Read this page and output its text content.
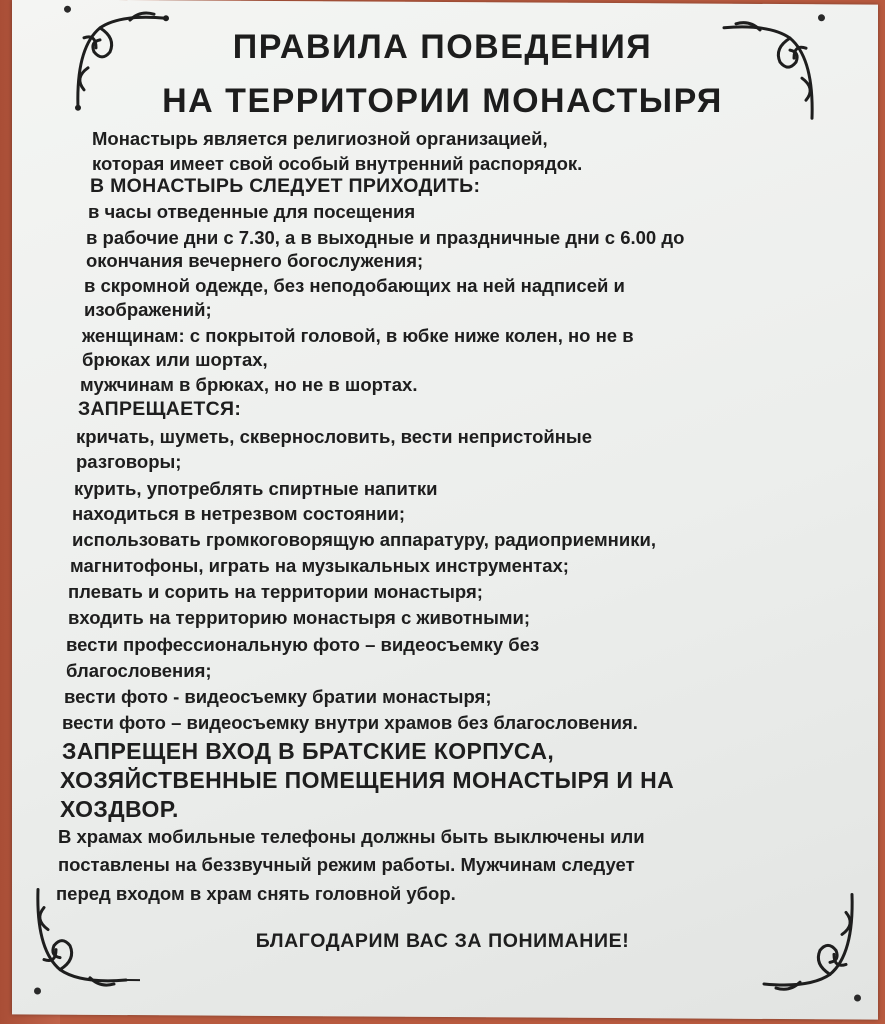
ПРАВИЛА ПОВЕДЕНИЯ
НА ТЕРРИТОРИИ МОНАСТЫРЯ
Монастырь является религиозной организацией,
которая имеет свой особый внутренний распорядок.
В МОНАСТЫРЬ СЛЕДУЕТ ПРИХОДИТЬ:
в часы отведенные для посещения
в рабочие дни с 7.30, а в выходные и праздничные дни с 6.00 до
окончания вечернего богослужения;
в скромной одежде, без неподобающих на ней надписей и
изображений;
женщинам: с покрытой головой, в юбке ниже колен, но не в
брюках или шортах,
мужчинам в брюках, но не в шортах.
ЗАПРЕЩАЕТСЯ:
кричать, шуметь, сквернословить, вести непристойные
разговоры;
курить, употреблять спиртные напитки
находиться в нетрезвом состоянии;
использовать громкоговорящую аппаратуру, радиоприемники,
магнитофоны, играть на музыкальных инструментах;
плевать и сорить на территории монастыря;
входить на территорию монастыря с животными;
вести профессиональную фото – видеосъемку без
благословения;
вести фото - видеосъемку братии монастыря;
вести фото – видеосъемку внутри храмов без благословения.
ЗАПРЕЩЕН ВХОД В БРАТСКИЕ КОРПУСА,
ХОЗЯЙСТВЕННЫЕ ПОМЕЩЕНИЯ МОНАСТЫРЯ И НА
ХОЗДВОР.
В храмах мобильные телефоны должны быть выключены или
поставлены на беззвучный режим работы. Мужчинам следует
перед входом в храм снять головной убор.
БЛАГОДАРИМ ВАС ЗА ПОНИМАНИЕ!
